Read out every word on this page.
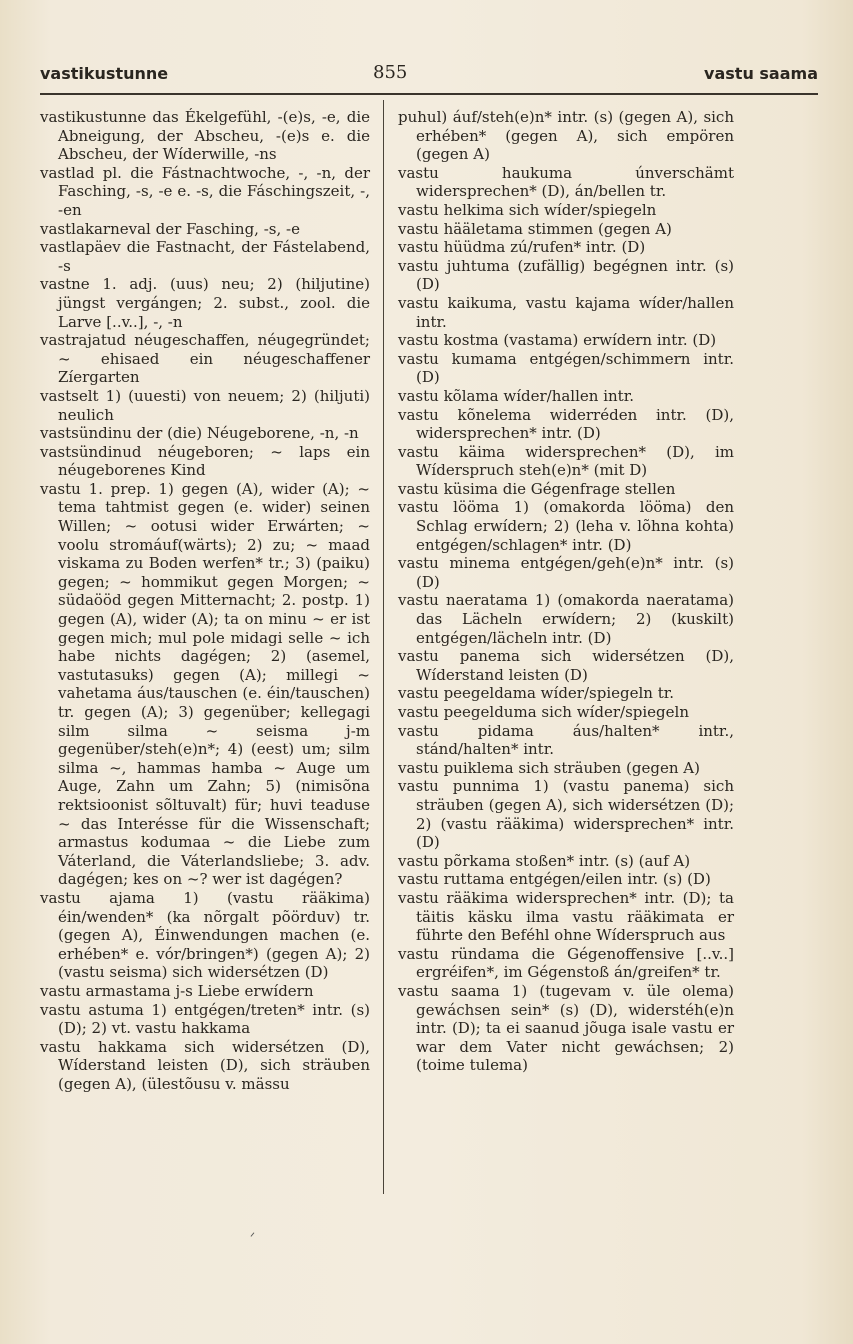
vastikustunne	855	vastu saama

vastikustunne das Ékelgefühl, -(e)s, -e, die Abneigung, der Abscheu, -(e)s e. die Abscheu, der Wíderwille, -ns

vastlad pl. die Fástnachtwoche, -, -n, der Fasching, -s, -e e. -s, die Fáschingszeit, -, -en

vastlakarneval der Fasching, -s, -e

vastlapäev die Fastnacht, der Fástelabend, -s

vastne 1. adj. (uus) neu; 2) (hiljutine) jüngst vergángen; 2. subst., zool. die Larve [..v..], -, -n

vastrajatud néugeschaffen, néugegründet; ~ ehisaed ein néugeschaffener Zíergarten

vastselt 1) (uuesti) von neuem; 2) (hiljuti) neulich

vastsündinu der (die) Néugeborene, -n, -n

vastsündinud néugeboren; ~ laps ein néugeborenes Kind

vastu 1. prep. 1) gegen (A), wider (A); ~ tema tahtmist gegen (e. wider) seinen Willen; ~ ootusi wider Erwárten; ~ voolu stromáuf(wärts); 2) zu; ~ maad viskama zu Boden werfen* tr.; 3) (paiku) gegen; ~ hommikut gegen Morgen; ~ südaööd gegen Mitternacht; 2. postp. 1) gegen (A), wider (A); ta on minu ~ er ist gegen mich; mul pole midagi selle ~ ich habe nichts dagégen; 2) (asemel, vastutasuks) gegen (A); millegi ~ vahetama áus/tauschen (e. éin/tauschen) tr. gegen (A); 3) gegenüber; kellegagi silm silma ~ seisma j-m gegenüber/steh(e)n*; 4) (eest) um; silm silma ~, hammas hamba ~ Auge um Auge, Zahn um Zahn; 5) (nimisõna rektsioonist sõltuvalt) für; huvi teaduse ~ das Interésse für die Wissenschaft; armastus kodumaa ~ die Liebe zum Váterland, die Váterlandsliebe; 3. adv. dagégen; kes on ~? wer ist dagégen?

vastu ajama 1) (vastu rääkima) éin/wenden* (ka nõrgalt põörduv) tr. (gegen A), Éinwendungen machen (e. erhében* e. vór/bringen*) (gegen A); 2) (vastu seisma) sich widersétzen (D)

vastu armastama j-s Liebe erwídern

vastu astuma 1) entgégen/treten* intr. (s) (D); 2) vt. vastu hakkama

vastu hakkama sich widersétzen (D), Wíderstand leisten (D), sich sträuben (gegen A), (ülestõusu v. mässu

puhul) áuf/steh(e)n* intr. (s) (gegen A), sich erhében* (gegen A), sich empören (gegen A)

vastu haukuma únverschämt widersprechen* (D), án/bellen tr.

vastu helkima sich wíder/spiegeln

vastu hääletama stimmen (gegen A)

vastu hüüdma zú/rufen* intr. (D)

vastu juhtuma (zufällig) begégnen intr. (s) (D)

vastu kaikuma, vastu kajama wíder/hallen intr.

vastu kostma (vastama) erwídern intr. (D)

vastu kumama entgégen/schimmern intr. (D)

vastu kõlama wíder/hallen intr.

vastu kõnelema widerréden intr. (D), widersprechen* intr. (D)

vastu käima widersprechen* (D), im Wíderspruch steh(e)n* (mit D)

vastu küsima die Gégenfrage stellen

vastu lööma 1) (omakorda lööma) den Schlag erwídern; 2) (leha v. lõhna kohta) entgégen/schlagen* intr. (D)

vastu minema entgégen/geh(e)n* intr. (s) (D)

vastu naeratama 1) (omakorda naeratama) das Lächeln erwídern; 2) (kuskilt) entgégen/lächeln intr. (D)

vastu panema sich widersétzen (D), Wíderstand leisten (D)

vastu peegeldama wíder/spiegeln tr.

vastu peegelduma sich wíder/spiegeln

vastu pidama áus/halten* intr., stánd/halten* intr.

vastu puiklema sich sträuben (gegen A)

vastu punnima 1) (vastu panema) sich sträuben (gegen A), sich widersétzen (D); 2) (vastu rääkima) widersprechen* intr. (D)

vastu põrkama stoßen* intr. (s) (auf A)

vastu ruttama entgégen/eilen intr. (s) (D)

vastu rääkima widersprechen* intr. (D); ta täitis käsku ilma vastu rääkimata er führte den Beféhl ohne Wíderspruch aus

vastu ründama die Gégenoffensive [..v..] ergréifen*, im Gégenstoß án/greifen* tr.

vastu saama 1) (tugevam v. üle olema) gewáchsen sein* (s) (D), widerstéh(e)n intr. (D); ta ei saanud jõuga isale vastu er war dem Vater nicht gewáchsen; 2) (toime tulema)

ᐟ
